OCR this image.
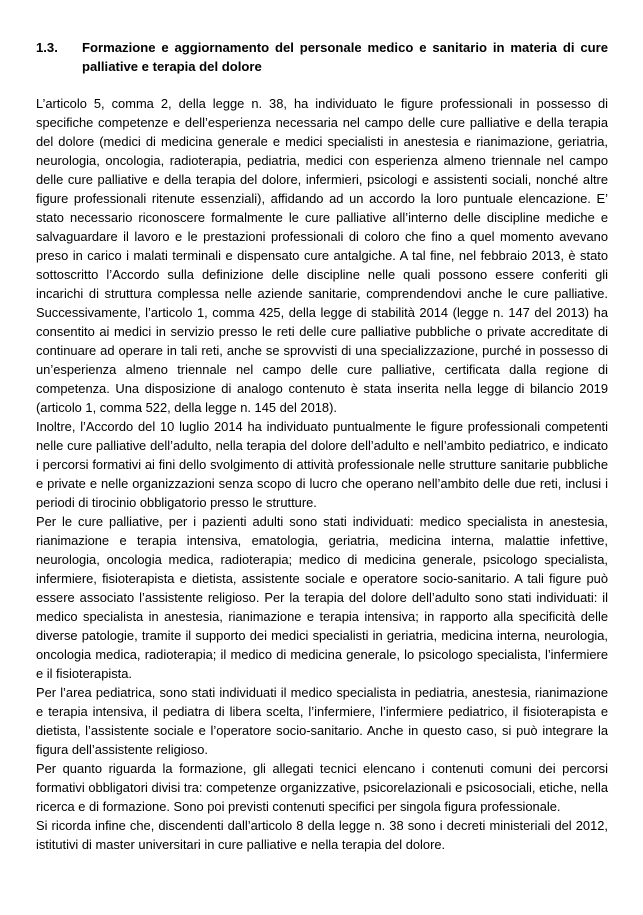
1.3.	Formazione e aggiornamento del personale medico e sanitario in materia di cure palliative e terapia del dolore

L’articolo 5, comma 2, della legge n. 38, ha individuato le figure professionali in possesso di specifiche competenze e dell’esperienza necessaria nel campo delle cure palliative e della terapia del dolore (medici di medicina generale e medici specialisti in anestesia e rianimazione, geriatria, neurologia, oncologia, radioterapia, pediatria, medici con esperienza almeno triennale nel campo delle cure palliative e della terapia del dolore, infermieri, psicologi e assistenti sociali, nonché altre figure professionali ritenute essenziali), affidando ad un accordo la loro puntuale elencazione. E’ stato necessario riconoscere formalmente le cure palliative all’interno delle discipline mediche e salvaguardare il lavoro e le prestazioni professionali di coloro che fino a quel momento avevano preso in carico i malati terminali e dispensato cure antalgiche. A tal fine, nel febbraio 2013, è stato sottoscritto l’Accordo sulla definizione delle discipline nelle quali possono essere conferiti gli incarichi di struttura complessa nelle aziende sanitarie, comprendendovi anche le cure palliative. Successivamente, l’articolo 1, comma 425, della legge di stabilità 2014 (legge n. 147 del 2013) ha consentito ai medici in servizio presso le reti delle cure palliative pubbliche o private accreditate di continuare ad operare in tali reti, anche se sprovvisti di una specializzazione, purché in possesso di un’esperienza almeno triennale nel campo delle cure palliative, certificata dalla regione di competenza. Una disposizione di analogo contenuto è stata inserita nella legge di bilancio 2019 (articolo 1, comma 522, della legge n. 145 del 2018).

Inoltre, l’Accordo del 10 luglio 2014 ha individuato puntualmente le figure professionali competenti nelle cure palliative dell’adulto, nella terapia del dolore dell’adulto e nell’ambito pediatrico, e indicato i percorsi formativi ai fini dello svolgimento di attività professionale nelle strutture sanitarie pubbliche e private e nelle organizzazioni senza scopo di lucro che operano nell’ambito delle due reti, inclusi i periodi di tirocinio obbligatorio presso le strutture.

Per le cure palliative, per i pazienti adulti sono stati individuati: medico specialista in anestesia, rianimazione e terapia intensiva, ematologia, geriatria, medicina interna, malattie infettive, neurologia, oncologia medica, radioterapia; medico di medicina generale, psicologo specialista, infermiere, fisioterapista e dietista, assistente sociale e operatore socio-sanitario. A tali figure può essere associato l’assistente religioso. Per la terapia del dolore dell’adulto sono stati individuati: il medico specialista in anestesia, rianimazione e terapia intensiva; in rapporto alla specificità delle diverse patologie, tramite il supporto dei medici specialisti in geriatria, medicina interna, neurologia, oncologia medica, radioterapia; il medico di medicina generale, lo psicologo specialista, l’infermiere e il fisioterapista.

Per l’area pediatrica, sono stati individuati il medico specialista in pediatria, anestesia, rianimazione e terapia intensiva, il pediatra di libera scelta, l’infermiere, l’infermiere pediatrico, il fisioterapista e dietista, l’assistente sociale e l’operatore socio-sanitario. Anche in questo caso, si può integrare la figura dell’assistente religioso.

Per quanto riguarda la formazione, gli allegati tecnici elencano i contenuti comuni dei percorsi formativi obbligatori divisi tra: competenze organizzative, psicorelazionali e psicosociali, etiche, nella ricerca e di formazione. Sono poi previsti contenuti specifici per singola figura professionale.

Si ricorda infine che, discendenti dall’articolo 8 della legge n. 38 sono i decreti ministeriali del 2012, istitutivi di master universitari in cure palliative e nella terapia del dolore.
